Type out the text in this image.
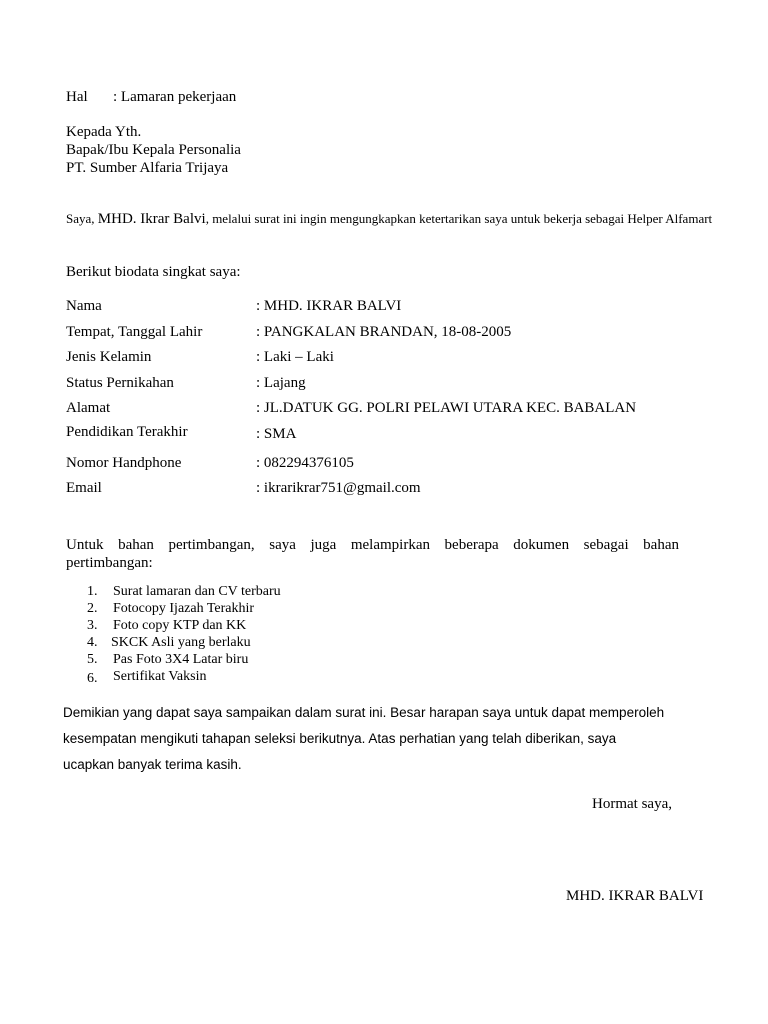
Hal : Lamaran pekerjaan
Kepada Yth.
Bapak/Ibu Kepala Personalia
PT. Sumber Alfaria Trijaya
Saya, MHD. Ikrar Balvi, melalui surat ini ingin mengungkapkan ketertarikan saya untuk bekerja sebagai Helper Alfamart
Berikut biodata singkat saya:
Nama	: MHD. IKRAR BALVI
Tempat, Tanggal Lahir	: PANGKALAN BRANDAN, 18-08-2005
Jenis Kelamin	: Laki – Laki
Status Pernikahan	: Lajang
Alamat	: JL.DATUK GG. POLRI PELAWI UTARA KEC. BABALAN
Pendidikan Terakhir	: SMA
Nomor Handphone	: 082294376105
Email	: ikrarikrar751@gmail.com
Untuk bahan pertimbangan, saya juga melampirkan beberapa dokumen sebagai bahan
pertimbangan:
1.	Surat lamaran dan CV terbaru
2.	Fotocopy Ijazah Terakhir
3.	Foto copy KTP dan KK
4. SKCK Asli yang berlaku
5.	Pas Foto 3X4 Latar biru
6.	Sertifikat Vaksin
Demikian yang dapat saya sampaikan dalam surat ini. Besar harapan saya untuk dapat memperoleh
kesempatan mengikuti tahapan seleksi berikutnya. Atas perhatian yang telah diberikan, saya
ucapkan banyak terima kasih.
Hormat saya,
MHD. IKRAR BALVI
